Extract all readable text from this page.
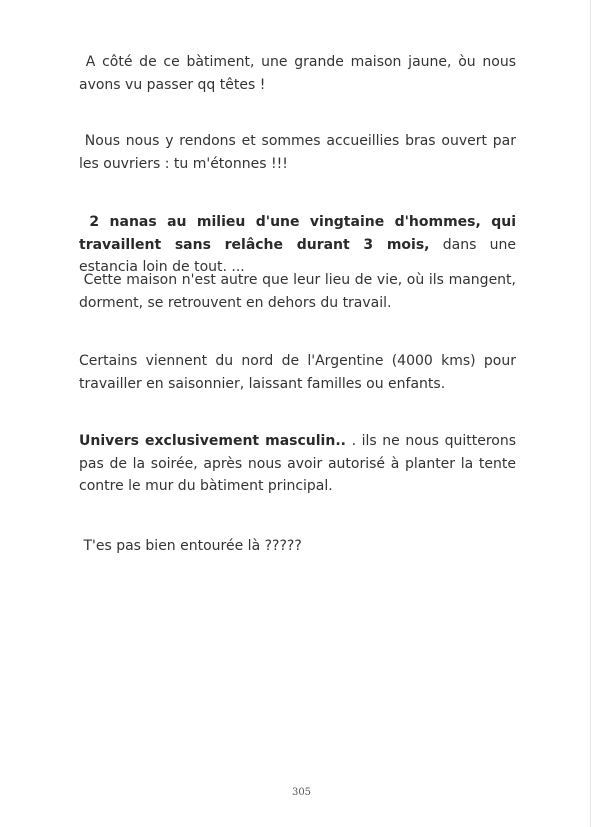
A côté de ce bàtiment, une grande maison jaune, òu nous avons vu passer qq têtes !

Nous nous y rendons et sommes accueillies bras ouvert par les ouvriers : tu m'étonnes !!!

2 nanas au milieu d'une vingtaine d'hommes, qui travaillent sans relâche durant 3 mois, dans une estancia loin de tout. ...

Cette maison n'est autre que leur lieu de vie, où ils mangent, dorment, se retrouvent en dehors du travail.

Certains viennent du nord de l'Argentine (4000 kms) pour travailler en saisonnier, laissant familles ou enfants.

Univers exclusivement masculin.. . ils ne nous quitterons pas de la soirée, après nous avoir autorisé à planter la tente contre le mur du bàtiment principal.

T'es pas bien entourée là ?????

305
